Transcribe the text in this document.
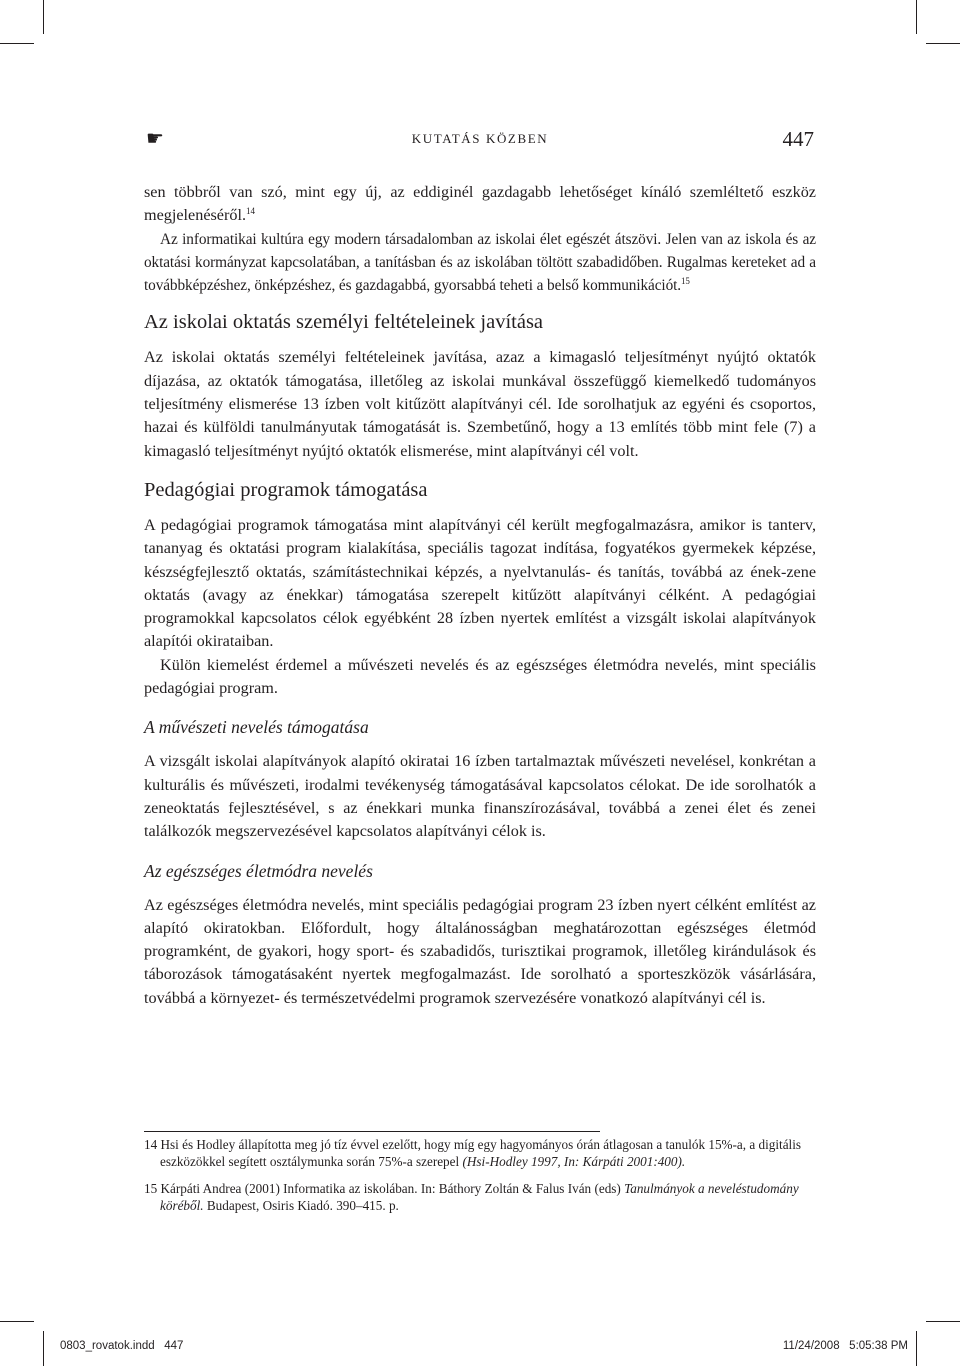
☛	KUTATÁS KÖZBEN	447

sen többről van szó, mint egy új, az eddiginél gazdagabb lehetőséget kínáló szemléltető eszköz megjelenéséről.$^{14}$

Az informatikai kultúra egy modern társadalomban az iskolai élet egészét átszövi. Jelen van az iskola és az oktatási kormányzat kapcsolatában, a tanításban és az iskolában töltött szabadidőben. Rugalmas kereteket ad a továbbképzéshez, önképzéshez, és gazdagabbá, gyorsabbá teheti a belső kommunikációt.$^{15}$

Az iskolai oktatás személyi feltételeinek javítása

Az iskolai oktatás személyi feltételeinek javítása, azaz a kimagasló teljesítményt nyújtó oktatók díjazása, az oktatók támogatása, illetőleg az iskolai munkával összefüggő kiemelkedő tudományos teljesítmény elismerése 13 ízben volt kitűzött alapítványi cél. Ide sorolhatjuk az egyéni és csoportos, hazai és külföldi tanulmányutak támogatását is. Szembetűnő, hogy a 13 említés több mint fele (7) a kimagasló teljesítményt nyújtó oktatók elismerése, mint alapítványi cél volt.

Pedagógiai programok támogatása

A pedagógiai programok támogatása mint alapítványi cél került megfogalmazásra, amikor is tanterv, tananyag és oktatási program kialakítása, speciális tagozat indítása, fogyatékos gyermekek képzése, készségfejlesztő oktatás, számítástechnikai képzés, a nyelvtanulás- és tanítás, továbbá az ének-zene oktatás (avagy az énekkar) támogatása szerepelt kitűzött alapítványi célként. A pedagógiai programokkal kapcsolatos célok egyébként 28 ízben nyertek említést a vizsgált iskolai alapítványok alapítói okirataiban.

Külön kiemelést érdemel a művészeti nevelés és az egészséges életmódra nevelés, mint speciális pedagógiai program.

A művészeti nevelés támogatása

A vizsgált iskolai alapítványok alapító okiratai 16 ízben tartalmaztak művészeti nevelésel, konkrétan a kulturális és művészeti, irodalmi tevékenység támogatásával kapcsolatos célokat. De ide sorolhatók a zeneoktatás fejlesztésével, s az énekkari munka finanszírozásával, továbbá a zenei élet és zenei találkozók megszervezésével kapcsolatos alapítványi célok is.

Az egészséges életmódra nevelés

Az egészséges életmódra nevelés, mint speciális pedagógiai program 23 ízben nyert célként említést az alapító okiratokban. Előfordult, hogy általánosságban meghatározottan egészséges életmód programként, de gyakori, hogy sport- és szabadidős, turisztikai programok, illetőleg kirándulások és táborozások támogatásaként nyertek megfogalmazást. Ide sorolható a sporteszközök vásárlására, továbbá a környezet- és természetvédelmi programok szervezésére vonatkozó alapítványi cél is.

14 Hsi és Hodley állapította meg jó tíz évvel ezelőtt, hogy míg egy hagyományos órán átlagosan a tanulók 15%-a, a digitális eszközökkel segített osztálymunka során 75%-a szerepel (Hsi-Hodley 1997, In: Kárpáti 2001:400).
15 Kárpáti Andrea (2001) Informatika az iskolában. In: Báthory Zoltán & Falus Iván (eds) Tanulmányok a neveléstudomány köréből. Budapest, Osiris Kiadó. 390–415. p.
0803_rovatok.indd   447	11/24/2008   5:05:38 PM
